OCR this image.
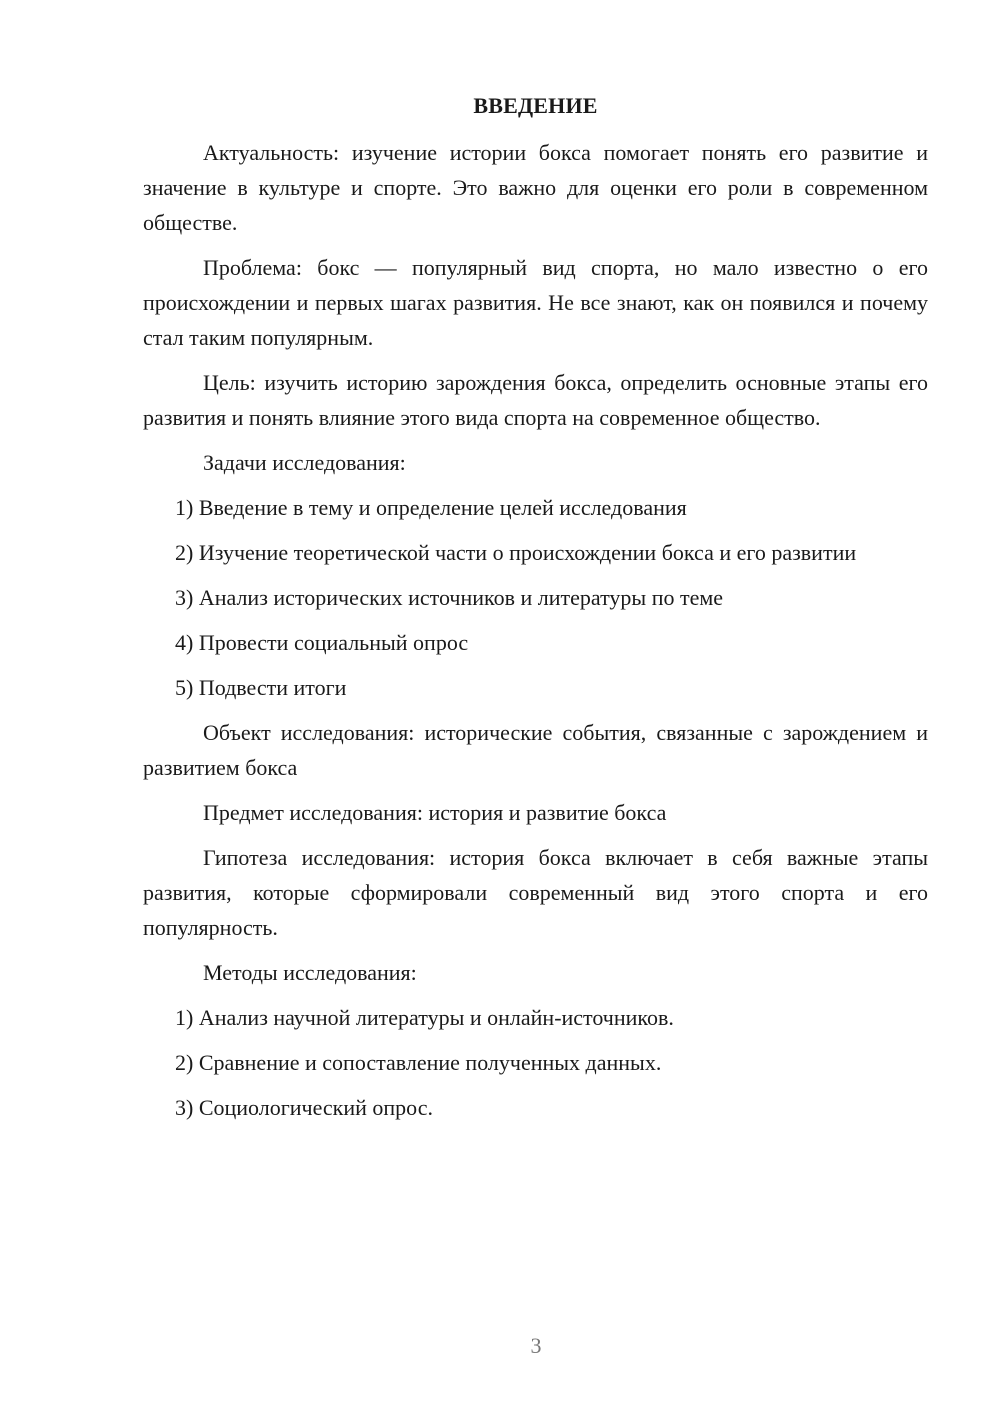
ВВЕДЕНИЕ

Актуальность: изучение истории бокса помогает понять его развитие и значение в культуре и спорте. Это важно для оценки его роли в современном обществе.

Проблема: бокс — популярный вид спорта, но мало известно о его происхождении и первых шагах развития. Не все знают, как он появился и почему стал таким популярным.

Цель: изучить историю зарождения бокса, определить основные этапы его развития и понять влияние этого вида спорта на современное общество.

Задачи исследования:

1) Введение в тему и определение целей исследования

2) Изучение теоретической части о происхождении бокса и его развитии

3) Анализ исторических источников и литературы по теме

4) Провести социальный опрос

5) Подвести итоги

Объект исследования: исторические события, связанные с зарождением и развитием бокса

Предмет исследования: история и развитие бокса

Гипотеза исследования: история бокса включает в себя важные этапы развития, которые сформировали современный вид этого спорта и его популярность.

Методы исследования:

1) Анализ научной литературы и онлайн-источников.

2) Сравнение и сопоставление полученных данных.

3) Социологический опрос.

3
